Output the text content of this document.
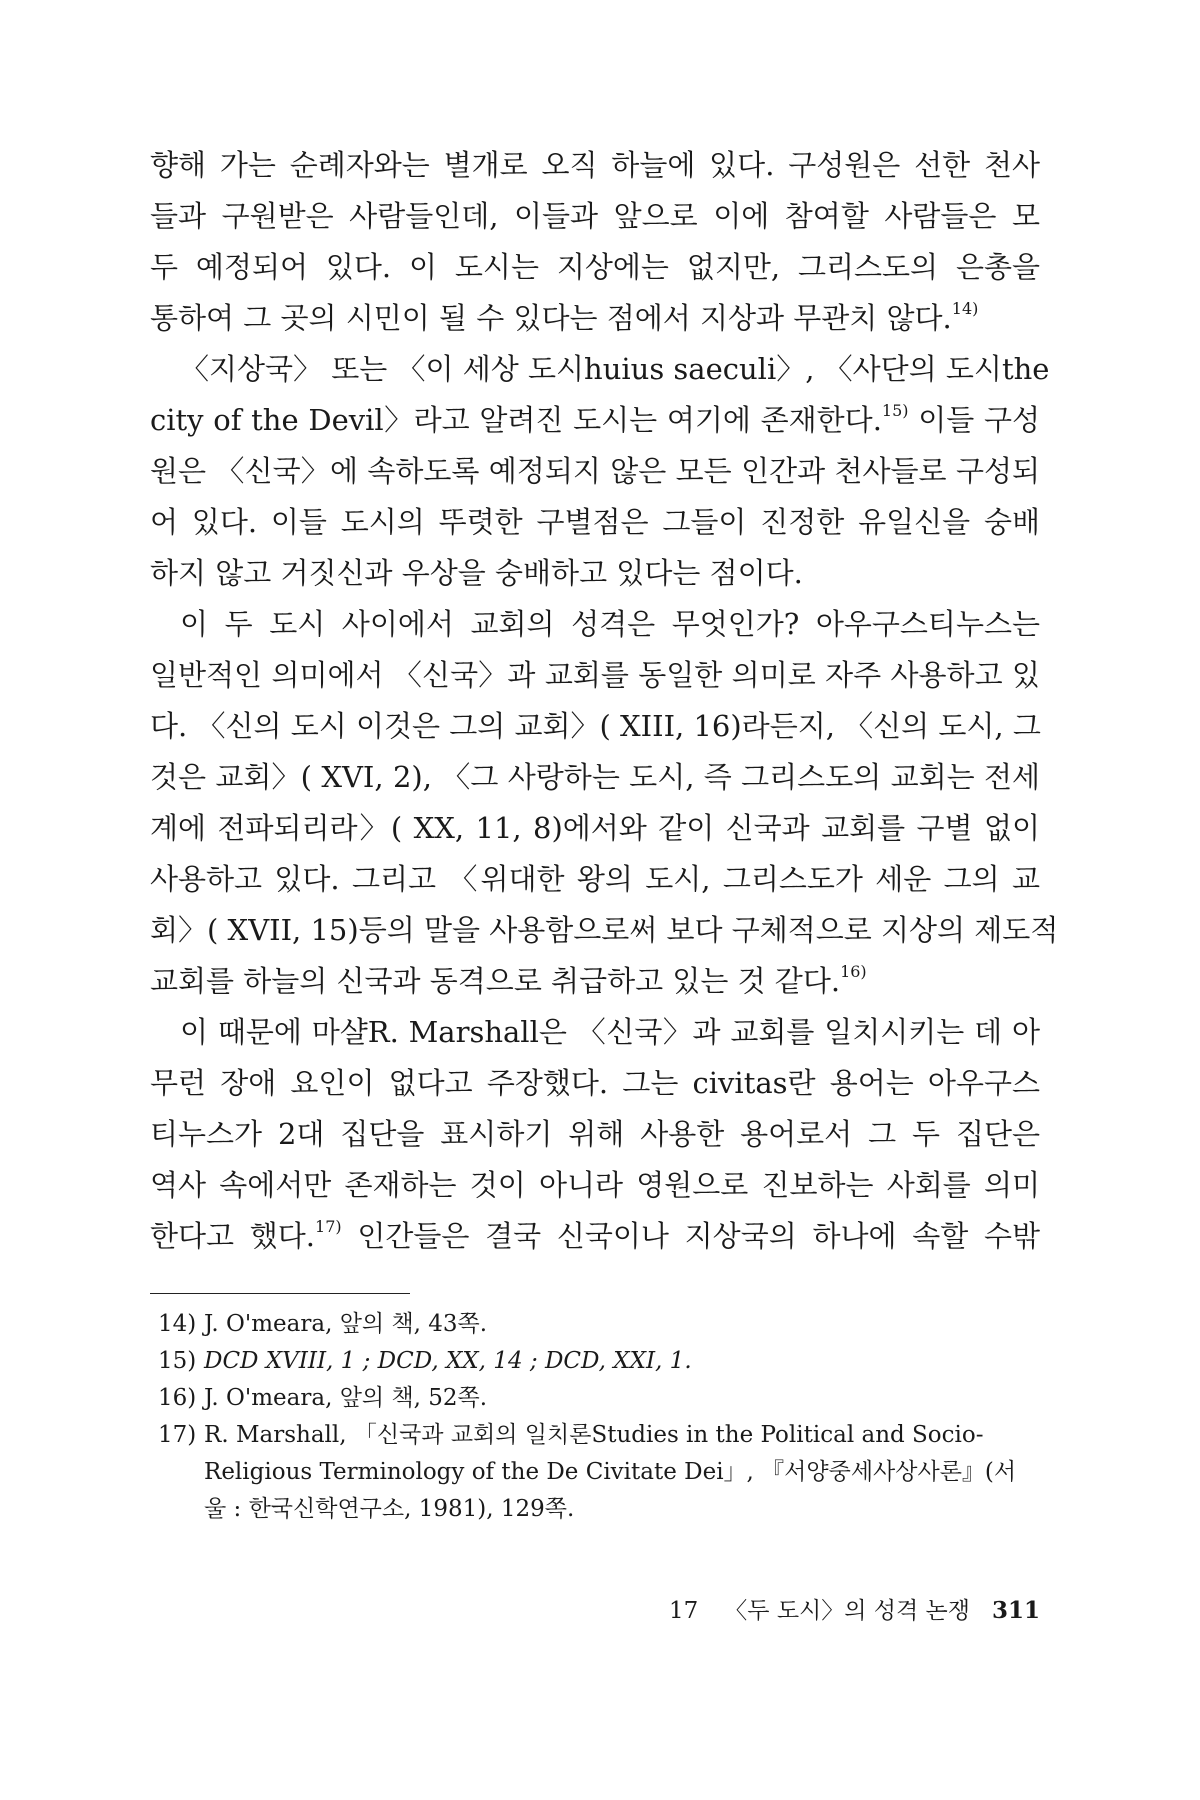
향해 가는 순례자와는 별개로 오직 하늘에 있다. 구성원은 선한 천사
들과 구원받은 사람들인데, 이들과 앞으로 이에 참여할 사람들은 모
두 예정되어 있다. 이 도시는 지상에는 없지만, 그리스도의 은총을
통하여 그 곳의 시민이 될 수 있다는 점에서 지상과 무관치 않다.$^{14)}$
〈지상국〉 또는 〈이 세상 도시huius saeculi〉, 〈사단의 도시the
city of the Devil〉라고 알려진 도시는 여기에 존재한다.$^{15)}$ 이들 구성
원은 〈신국〉에 속하도록 예정되지 않은 모든 인간과 천사들로 구성되
어 있다. 이들 도시의 뚜렷한 구별점은 그들이 진정한 유일신을 숭배
하지 않고 거짓신과 우상을 숭배하고 있다는 점이다.
이 두 도시 사이에서 교회의 성격은 무엇인가? 아우구스티누스는
일반적인 의미에서 〈신국〉과 교회를 동일한 의미로 자주 사용하고 있
다. 〈신의 도시 이것은 그의 교회〉( XIII, 16)라든지, 〈신의 도시, 그
것은 교회〉( XVI, 2), 〈그 사랑하는 도시, 즉 그리스도의 교회는 전세
계에 전파되리라〉( XX, 11, 8)에서와 같이 신국과 교회를 구별 없이
사용하고 있다. 그리고 〈위대한 왕의 도시, 그리스도가 세운 그의 교
회〉( XVII, 15)등의 말을 사용함으로써 보다 구체적으로 지상의 제도적
교회를 하늘의 신국과 동격으로 취급하고 있는 것 같다.$^{16)}$
이 때문에 마샬R. Marshall은 〈신국〉과 교회를 일치시키는 데 아
무런 장애 요인이 없다고 주장했다. 그는 civitas란 용어는 아우구스
티누스가 2대 집단을 표시하기 위해 사용한 용어로서 그 두 집단은
역사 속에서만 존재하는 것이 아니라 영원으로 진보하는 사회를 의미
한다고 했다.$^{17)}$ 인간들은 결국 신국이나 지상국의 하나에 속할 수밖
14) J. O'meara, 앞의 책, 43쪽.
15) DCD XVIII, 1 ; DCD, XX, 14 ; DCD, XXI, 1.
16) J. O'meara, 앞의 책, 52쪽.
17) R. Marshall, 「신국과 교회의 일치론Studies in the Political and Socio-
Religious Terminology of the De Civitate Dei」, 『서양중세사상사론』(서
울 : 한국신학연구소, 1981), 129쪽.
17 〈두 도시〉의 성격 논쟁 311
